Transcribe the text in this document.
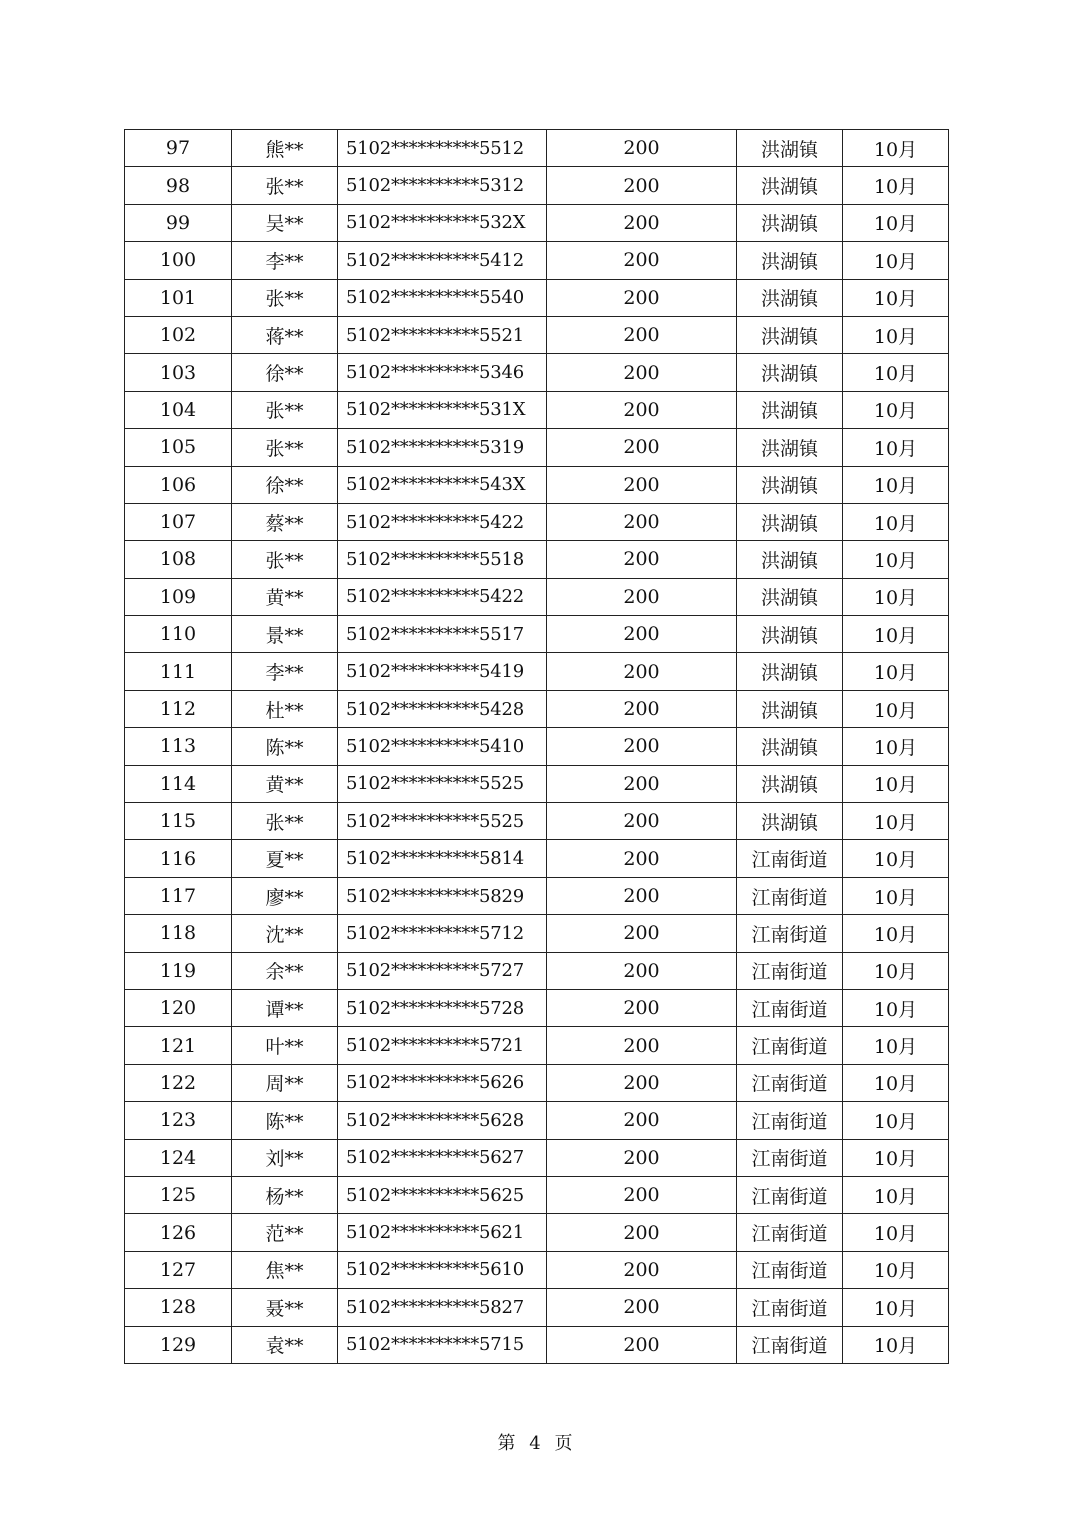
97	熊**	5102**********5512	200	洪湖镇	10月
98	张**	5102**********5312	200	洪湖镇	10月
99	吴**	5102**********532X	200	洪湖镇	10月
100	李**	5102**********5412	200	洪湖镇	10月
101	张**	5102**********5540	200	洪湖镇	10月
102	蒋**	5102**********5521	200	洪湖镇	10月
103	徐**	5102**********5346	200	洪湖镇	10月
104	张**	5102**********531X	200	洪湖镇	10月
105	张**	5102**********5319	200	洪湖镇	10月
106	徐**	5102**********543X	200	洪湖镇	10月
107	蔡**	5102**********5422	200	洪湖镇	10月
108	张**	5102**********5518	200	洪湖镇	10月
109	黄**	5102**********5422	200	洪湖镇	10月
110	景**	5102**********5517	200	洪湖镇	10月
111	李**	5102**********5419	200	洪湖镇	10月
112	杜**	5102**********5428	200	洪湖镇	10月
113	陈**	5102**********5410	200	洪湖镇	10月
114	黄**	5102**********5525	200	洪湖镇	10月
115	张**	5102**********5525	200	洪湖镇	10月
116	夏**	5102**********5814	200	江南街道	10月
117	廖**	5102**********5829	200	江南街道	10月
118	沈**	5102**********5712	200	江南街道	10月
119	余**	5102**********5727	200	江南街道	10月
120	谭**	5102**********5728	200	江南街道	10月
121	叶**	5102**********5721	200	江南街道	10月
122	周**	5102**********5626	200	江南街道	10月
123	陈**	5102**********5628	200	江南街道	10月
124	刘**	5102**********5627	200	江南街道	10月
125	杨**	5102**********5625	200	江南街道	10月
126	范**	5102**********5621	200	江南街道	10月
127	焦**	5102**********5610	200	江南街道	10月
128	聂**	5102**********5827	200	江南街道	10月
129	袁**	5102**********5715	200	江南街道	10月
第 4 页
